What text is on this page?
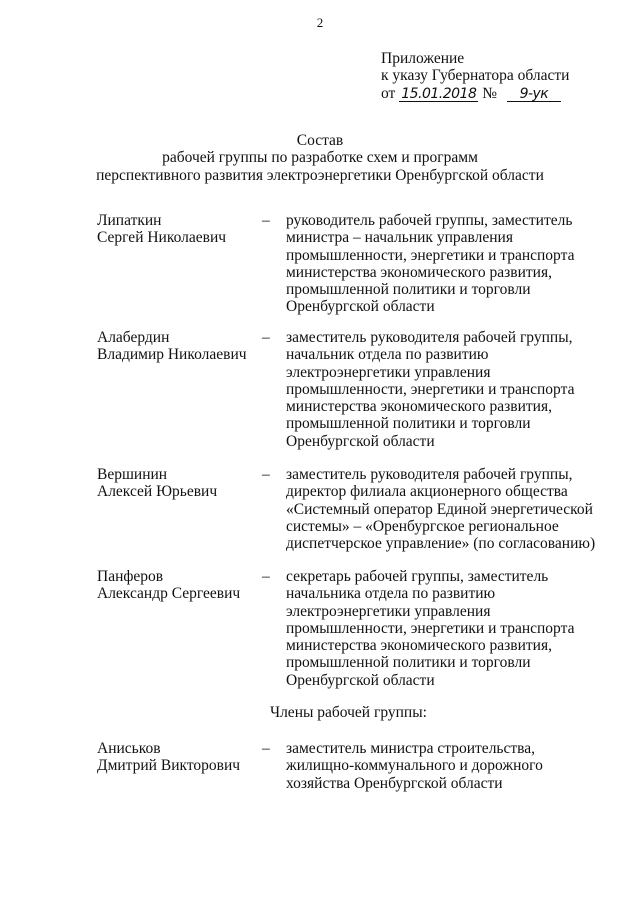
2
Приложение
к указу Губернатора области
от 15.01.2018 № 9-ук
Состав
рабочей группы по разработке схем и программ
перспективного развития электроэнергетики Оренбургской области
Липаткин
Сергей Николаевич
– руководитель рабочей группы, заместитель
министра – начальник управления
промышленности, энергетики и транспорта
министерства экономического развития,
промышленной политики и торговли
Оренбургской области
Алабердин
Владимир Николаевич
– заместитель руководителя рабочей группы,
начальник отдела по развитию
электроэнергетики управления
промышленности, энергетики и транспорта
министерства экономического развития,
промышленной политики и торговли
Оренбургской области
Вершинин
Алексей Юрьевич
– заместитель руководителя рабочей группы,
директор филиала акционерного общества
«Системный оператор Единой энергетической
системы» – «Оренбургское региональное
диспетчерское управление» (по согласованию)
Панферов
Александр Сергеевич
– секретарь рабочей группы, заместитель
начальника отдела по развитию
электроэнергетики управления
промышленности, энергетики и транспорта
министерства экономического развития,
промышленной политики и торговли
Оренбургской области
Члены рабочей группы:
Аниськов
Дмитрий Викторович
– заместитель министра строительства,
жилищно-коммунального и дорожного
хозяйства Оренбургской области
